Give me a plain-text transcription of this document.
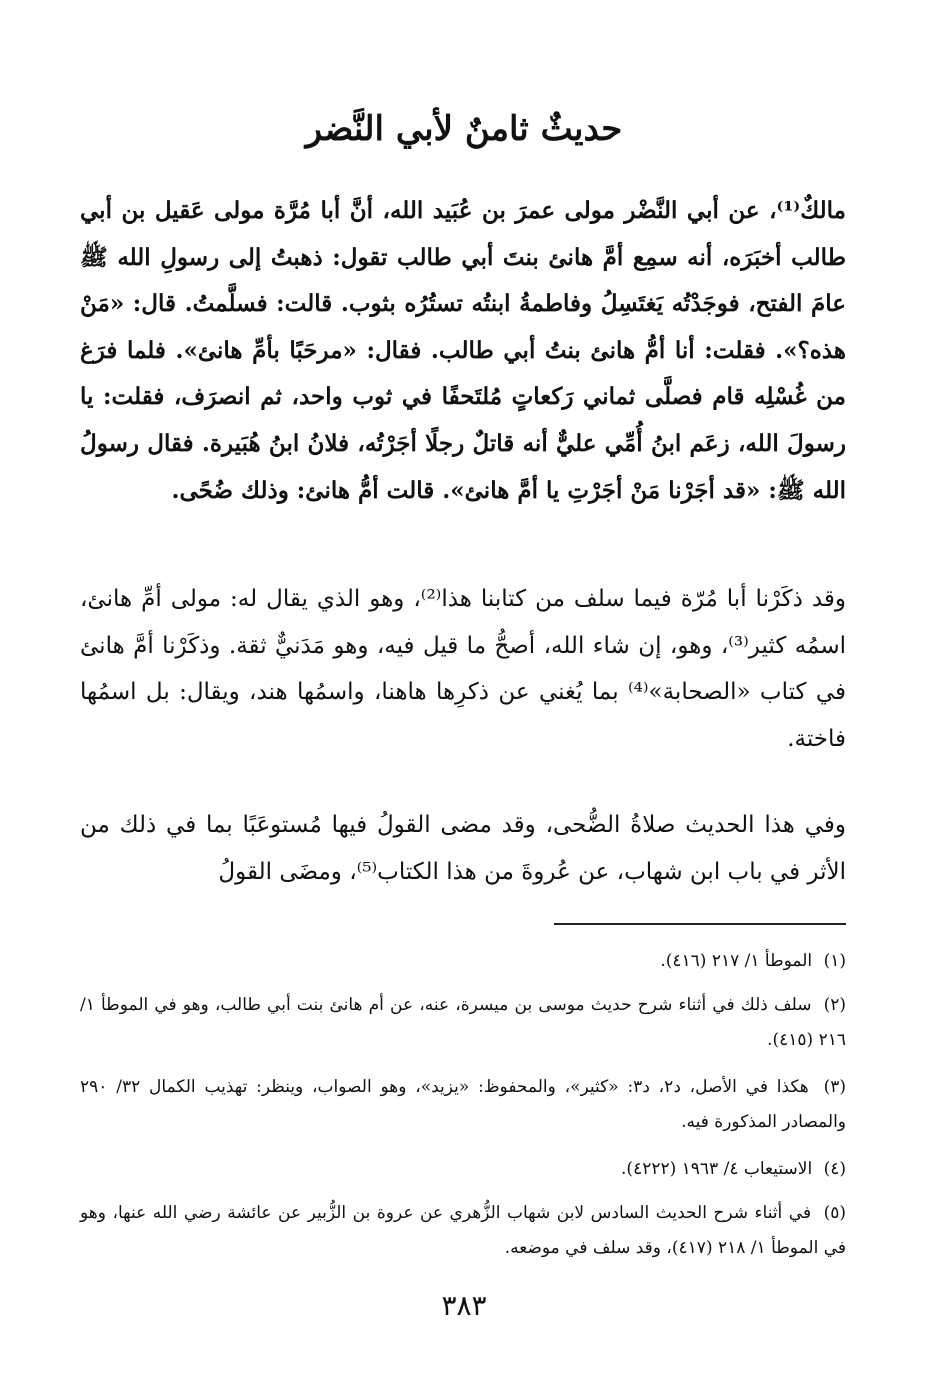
حديثٌ ثامنٌ لأبي النَّضر
مالكٌ⁽¹⁾، عن أبي النَّضْر مولى عمرَ بن عُبَيد الله، أنَّ أبا مُرَّة مولى عَقيل بن أبي طالب أخبَرَه، أنه سمِع أمَّ هانئ بنتَ أبي طالب تقول: ذهبتُ إلى رسولِ الله ﷺ عامَ الفتح، فوجَدْتُه يَغتَسِلُ وفاطمةُ ابنتُه تستُرُه بثوب. قالت: فسلَّمتُ. قال: «مَنْ هذه؟». فقلت: أنا أمُّ هانئ بنتُ أبي طالب. فقال: «مرحَبًا بأمِّ هانئ». فلما فرَغ من غُسْلِه قام فصلَّى ثماني رَكعاتٍ مُلتَحفًا في ثوب واحد، ثم انصرَف، فقلت: يا رسولَ الله، زعَم ابنُ أُمِّي عليٌّ أنه قاتلٌ رجلًا أجَرْتُه، فلانُ ابنُ هُبَيرة. فقال رسولُ الله ﷺ: «قد أجَرْنا مَنْ أجَرْتِ يا أمَّ هانئ». قالت أمُّ هانئ: وذلك ضُحًى.
وقد ذكَرْنا أبا مُرّة فيما سلف من كتابنا هذا⁽²⁾، وهو الذي يقال له: مولى أمِّ هانئ، اسمُه كثير⁽³⁾، وهو، إن شاء الله، أصحُّ ما قيل فيه، وهو مَدَنيٌّ ثقة. وذكَرْنا أمَّ هانئ في كتاب «الصحابة»⁽⁴⁾ بما يُغني عن ذكرِها هاهنا، واسمُها هند، ويقال: بل اسمُها فاختة.
وفي هذا الحديث صلاةُ الضُّحى، وقد مضى القولُ فيها مُستوعَبًا بما في ذلك من الأثر في باب ابن شهاب، عن عُروةَ من هذا الكتاب⁽⁵⁾، ومضَى القولُ
(١) الموطأ ١/ ٢١٧ (٤١٦).
(٢) سلف ذلك في أثناء شرح حديث موسى بن ميسرة، عنه، عن أم هانئ بنت أبي طالب، وهو في الموطأ ١/ ٢١٦ (٤١٥).
(٣) هكذا في الأصل، د٢، د٣: «كثير»، والمحفوظ: «يزيد»، وهو الصواب، وينظر: تهذيب الكمال ٣٢/ ٢٩٠ والمصادر المذكورة فيه.
(٤) الاستيعاب ٤/ ١٩٦٣ (٤٢٢٢).
(٥) في أثناء شرح الحديث السادس لابن شهاب الزُّهري عن عروة بن الزُّبير عن عائشة رضي الله عنها، وهو في الموطأ ١/ ٢١٨ (٤١٧)، وقد سلف في موضعه.
٣٨٣
